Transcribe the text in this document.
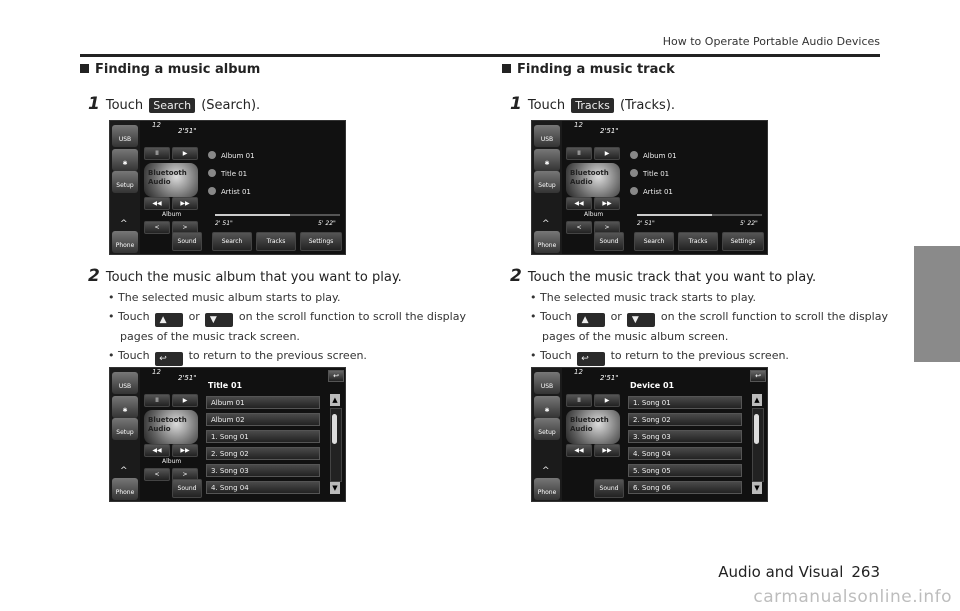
How to Operate Portable Audio Devices

Finding a music album

1 Touch Search (Search).
USB
✱
Setup
Phone
12
2'51"
II	▶
Bluetooth
Audio
◀◀	▶▶
Album
<	>
^
Album 01
Title 01
Artist 01
2' 51"	5' 22"
Sound	Search	Tracks	Settings
2 Touch the music album that you want to play.
• The selected music album starts to play.
• Touch ▲ or ▼ on the scroll function to scroll the display pages of the music track screen.
• Touch ↩ to return to the previous screen.
USB
✱
Setup
Phone
12
2'51"
Title 01
↩
II	▶
Bluetooth
Audio
◀◀	▶▶
Album
<	>
^
Sound
Album 01
Album 02
1. Song 01
2. Song 02
3. Song 03
4. Song 04
▲
▼

Finding a music track

1 Touch Tracks (Tracks).
USB
✱
Setup
Phone
12
2'51"
II	▶
Bluetooth
Audio
◀◀	▶▶
Album
<	>
^
Album 01
Title 01
Artist 01
2' 51"	5' 22"
Sound	Search	Tracks	Settings
2 Touch the music track that you want to play.
• The selected music track starts to play.
• Touch ▲ or ▼ on the scroll function to scroll the display pages of the music album screen.
• Touch ↩ to return to the previous screen.
USB
✱
Setup
Phone
12
2'51"
Device 01
↩
II	▶
Bluetooth
Audio
◀◀	▶▶
^
Sound
1. Song 01
2. Song 02
3. Song 03
4. Song 04
5. Song 05
6. Song 06
▲
▼
Audio and Visual 263
carmanualsonline.info
